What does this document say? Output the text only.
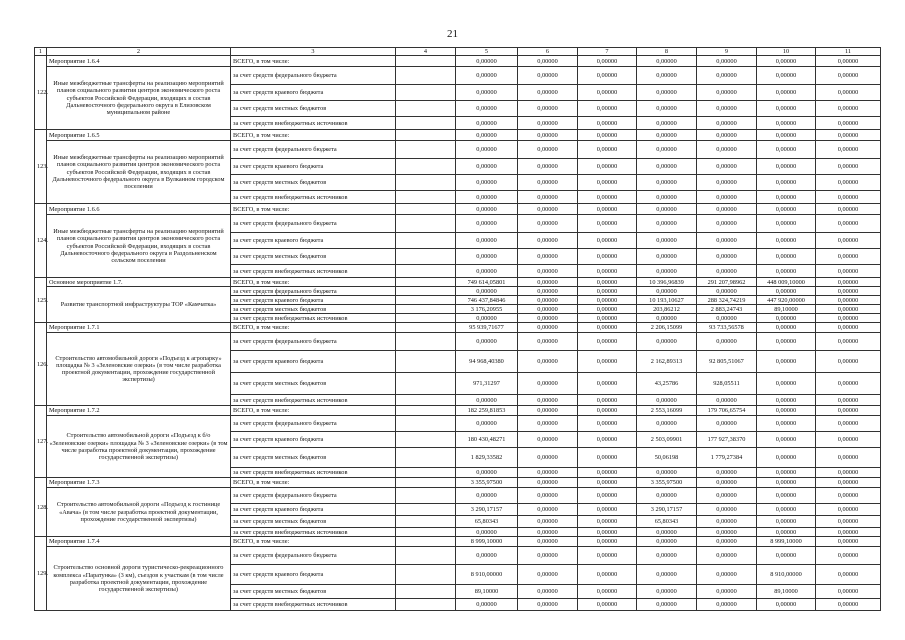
21
1	2	3	4	5	6	7	8	9	10	11
122.	Мероприятие 1.6.4	ВСЕГО, в том числе:		0,00000	0,00000	0,00000	0,00000	0,00000	0,00000	0,00000
	Иные межбюджетные трансферты на реализацию мероприятий планов социального развития центров экономического роста субъектов Российской Федерации, входящих в состав Дальневосточного федерального округа в Елизовском муниципальном районе	за счет средств федерального бюджета		0,00000	0,00000	0,00000	0,00000	0,00000	0,00000	0,00000
		за счет средств краевого бюджета		0,00000	0,00000	0,00000	0,00000	0,00000	0,00000	0,00000
		за счет средств местных бюджетов		0,00000	0,00000	0,00000	0,00000	0,00000	0,00000	0,00000
		за счет средств внебюджетных источников		0,00000	0,00000	0,00000	0,00000	0,00000	0,00000	0,00000
123.	Мероприятие 1.6.5	ВСЕГО, в том числе:		0,00000	0,00000	0,00000	0,00000	0,00000	0,00000	0,00000
	Иные межбюджетные трансферты на реализацию мероприятий планов социального развития центров экономического роста субъектов Российской Федерации, входящих в состав Дальневосточного федерального округа в Вулканном городском поселении	за счет средств федерального бюджета		0,00000	0,00000	0,00000	0,00000	0,00000	0,00000	0,00000
		за счет средств краевого бюджета		0,00000	0,00000	0,00000	0,00000	0,00000	0,00000	0,00000
		за счет средств местных бюджетов		0,00000	0,00000	0,00000	0,00000	0,00000	0,00000	0,00000
		за счет средств внебюджетных источников		0,00000	0,00000	0,00000	0,00000	0,00000	0,00000	0,00000
124.	Мероприятие 1.6.6	ВСЕГО, в том числе:		0,00000	0,00000	0,00000	0,00000	0,00000	0,00000	0,00000
	Иные межбюджетные трансферты на реализацию мероприятий планов социального развития центров экономического роста субъектов Российской Федерации, входящих в состав Дальневосточного федерального округа в Раздольненском сельском поселении	за счет средств федерального бюджета		0,00000	0,00000	0,00000	0,00000	0,00000	0,00000	0,00000
		за счет средств краевого бюджета		0,00000	0,00000	0,00000	0,00000	0,00000	0,00000	0,00000
		за счет средств местных бюджетов		0,00000	0,00000	0,00000	0,00000	0,00000	0,00000	0,00000
		за счет средств внебюджетных источников		0,00000	0,00000	0,00000	0,00000	0,00000	0,00000	0,00000
125.	Основное мероприятие 1.7.	ВСЕГО, в том числе:		749 614,05801	0,00000	0,00000	10 396,96839	291 207,98962	448 009,10000	0,00000
	Развитие транспортной инфраструктуры ТОР «Камчатка»	за счет средств федерального бюджета		0,00000	0,00000	0,00000	0,00000	0,00000	0,00000	0,00000
		за счет средств краевого бюджета		746 437,84846	0,00000	0,00000	10 193,10627	288 324,74219	447 920,00000	0,00000
		за счет средств местных бюджетов		3 176,20955	0,00000	0,00000	203,86212	2 883,24743	89,10000	0,00000
		за счет средств внебюджетных источников		0,00000	0,00000	0,00000	0,00000	0,00000	0,00000	0,00000
126.	Мероприятие 1.7.1	ВСЕГО, в том числе:		95 939,71677	0,00000	0,00000	2 206,15099	93 733,56578	0,00000	0,00000
	Строительство автомобильной дороги «Подъезд к агропарку» площадка № 3 «Зеленовские озерки» (в том числе разработка проектной документации, прохождение государственной экспертизы)	за счет средств федерального бюджета		0,00000	0,00000	0,00000	0,00000	0,00000	0,00000	0,00000
		за счет средств краевого бюджета		94 968,40380	0,00000	0,00000	2 162,89313	92 805,51067	0,00000	0,00000
		за счет средств местных бюджетов		971,31297	0,00000	0,00000	43,25786	928,05511	0,00000	0,00000
		за счет средств внебюджетных источников		0,00000	0,00000	0,00000	0,00000	0,00000	0,00000	0,00000
127.	Мероприятие 1.7.2	ВСЕГО, в том числе:		182 259,81853	0,00000	0,00000	2 553,16099	179 706,65754	0,00000	0,00000
	Строительство автомобильной дороги «Подъезд к б/о «Зеленовские озерки» площадка № 3 «Зеленовские озерки» (в том числе разработка проектной документации, прохождение государственной экспертизы)	за счет средств федерального бюджета		0,00000	0,00000	0,00000	0,00000	0,00000	0,00000	0,00000
		за счет средств краевого бюджета		180 430,48271	0,00000	0,00000	2 503,09901	177 927,38370	0,00000	0,00000
		за счет средств местных бюджетов		1 829,33582	0,00000	0,00000	50,06198	1 779,27384	0,00000	0,00000
		за счет средств внебюджетных источников		0,00000	0,00000	0,00000	0,00000	0,00000	0,00000	0,00000
128.	Мероприятие 1.7.3	ВСЕГО, в том числе:		3 355,97500	0,00000	0,00000	3 355,97500	0,00000	0,00000	0,00000
	Строительство автомобильной дороги «Подъезд к гостинице «Авача» (в том числе разработка проектной документации, прохождение государственной экспертизы)	за счет средств федерального бюджета		0,00000	0,00000	0,00000	0,00000	0,00000	0,00000	0,00000
		за счет средств краевого бюджета		3 290,17157	0,00000	0,00000	3 290,17157	0,00000	0,00000	0,00000
		за счет средств местных бюджетов		65,80343	0,00000	0,00000	65,80343	0,00000	0,00000	0,00000
		за счет средств внебюджетных источников		0,00000	0,00000	0,00000	0,00000	0,00000	0,00000	0,00000
129.	Мероприятие 1.7.4	ВСЕГО, в том числе:		8 999,10000	0,00000	0,00000	0,00000	0,00000	8 999,10000	0,00000
	Строительство основной дороги туристическо-рекреационного комплекса «Паратунка» (3 км), съездов к участкам (в том числе разработка проектной документации, прохождение государственной экспертизы)	за счет средств федерального бюджета		0,00000	0,00000	0,00000	0,00000	0,00000	0,00000	0,00000
		за счет средств краевого бюджета		8 910,00000	0,00000	0,00000	0,00000	0,00000	8 910,00000	0,00000
		за счет средств местных бюджетов		89,10000	0,00000	0,00000	0,00000	0,00000	89,10000	0,00000
		за счет средств внебюджетных источников		0,00000	0,00000	0,00000	0,00000	0,00000	0,00000	0,00000
